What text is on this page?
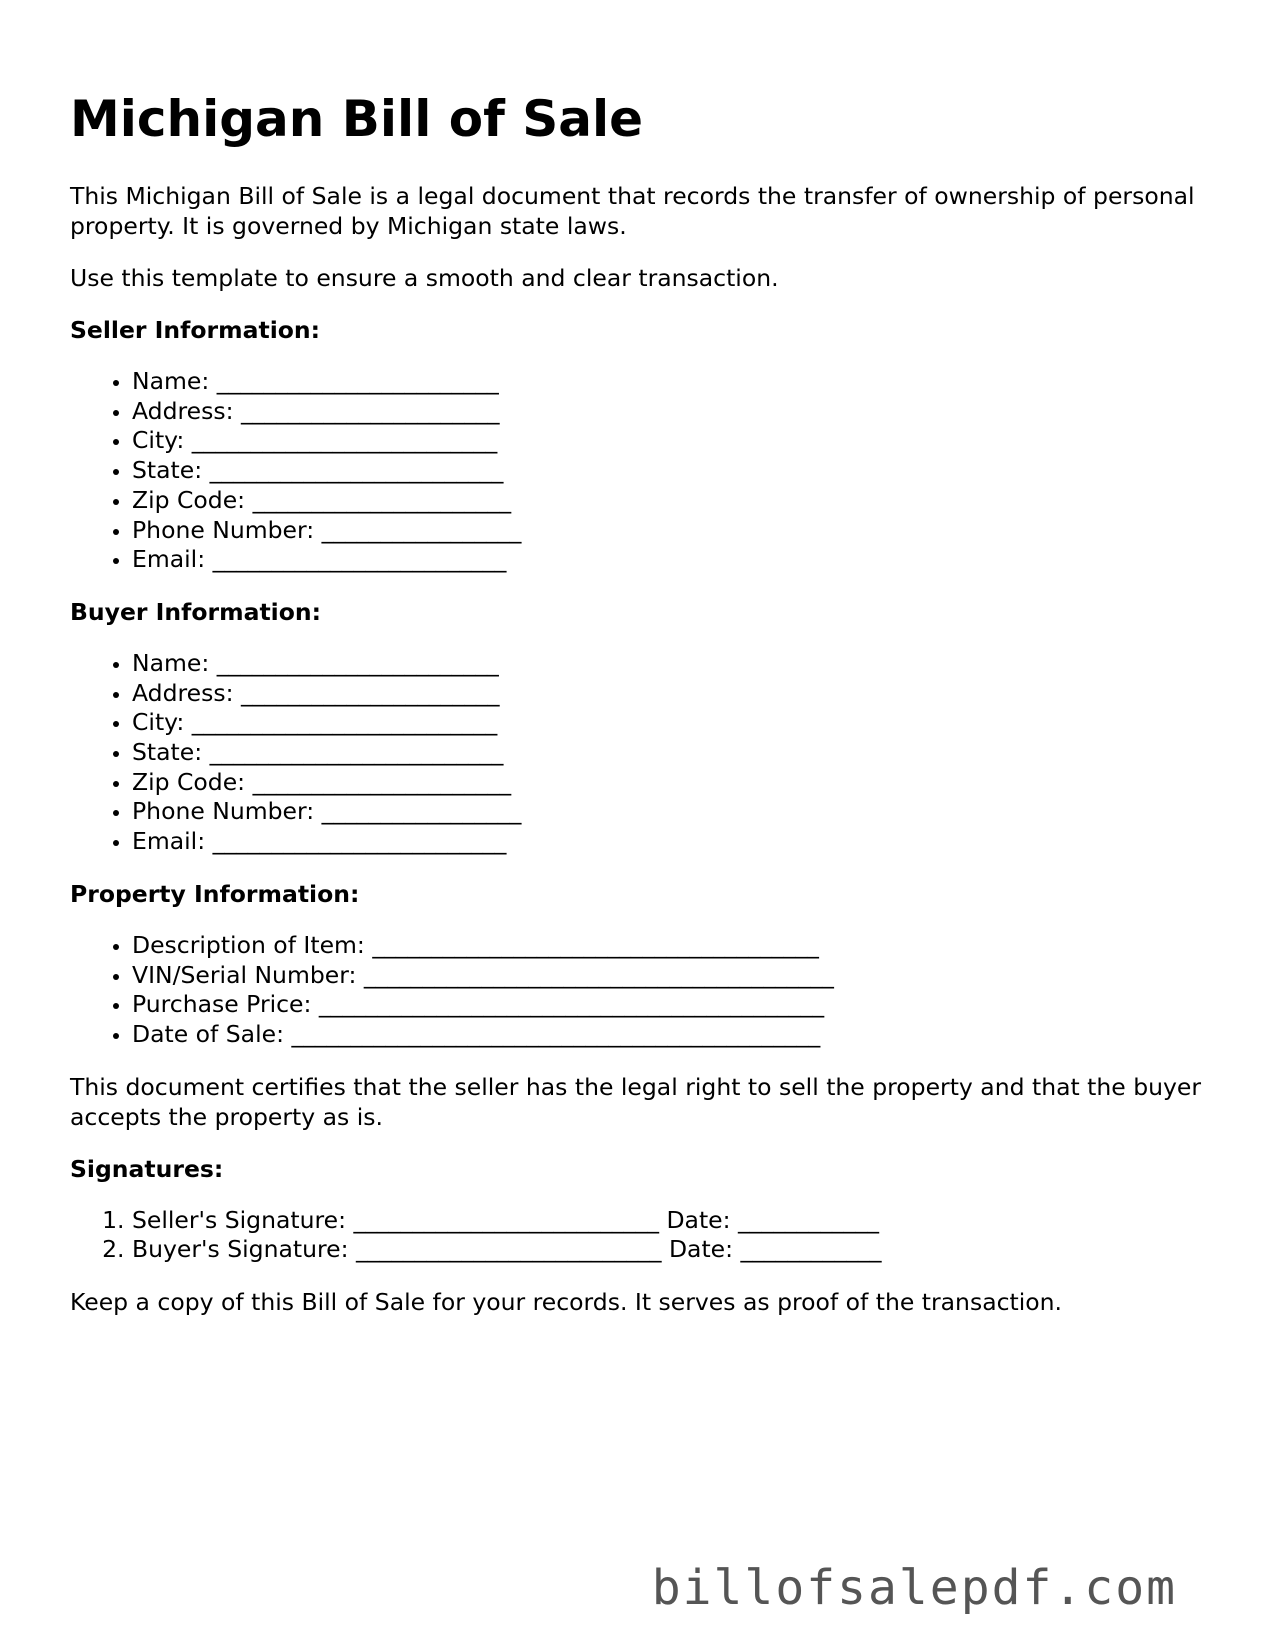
Michigan Bill of Sale

This Michigan Bill of Sale is a legal document that records the transfer of ownership of personal property. It is governed by Michigan state laws.

Use this template to ensure a smooth and clear transaction.

Seller Information:
• Name: ________________________
• Address: ______________________
• City: __________________________
• State: _________________________
• Zip Code: ______________________
• Phone Number: _________________
• Email: _________________________
Buyer Information:
• Name: ________________________
• Address: ______________________
• City: __________________________
• State: _________________________
• Zip Code: ______________________
• Phone Number: _________________
• Email: _________________________
Property Information:
• Description of Item: ______________________________________
• VIN/Serial Number: ________________________________________
• Purchase Price: ___________________________________________
• Date of Sale: _____________________________________________

This document certifies that the seller has the legal right to sell the property and that the buyer accepts the property as is.

Signatures:
1. Seller's Signature: __________________________ Date: ____________
2. Buyer's Signature: __________________________ Date: ____________

Keep a copy of this Bill of Sale for your records. It serves as proof of the transaction.

billofsalepdf.com
